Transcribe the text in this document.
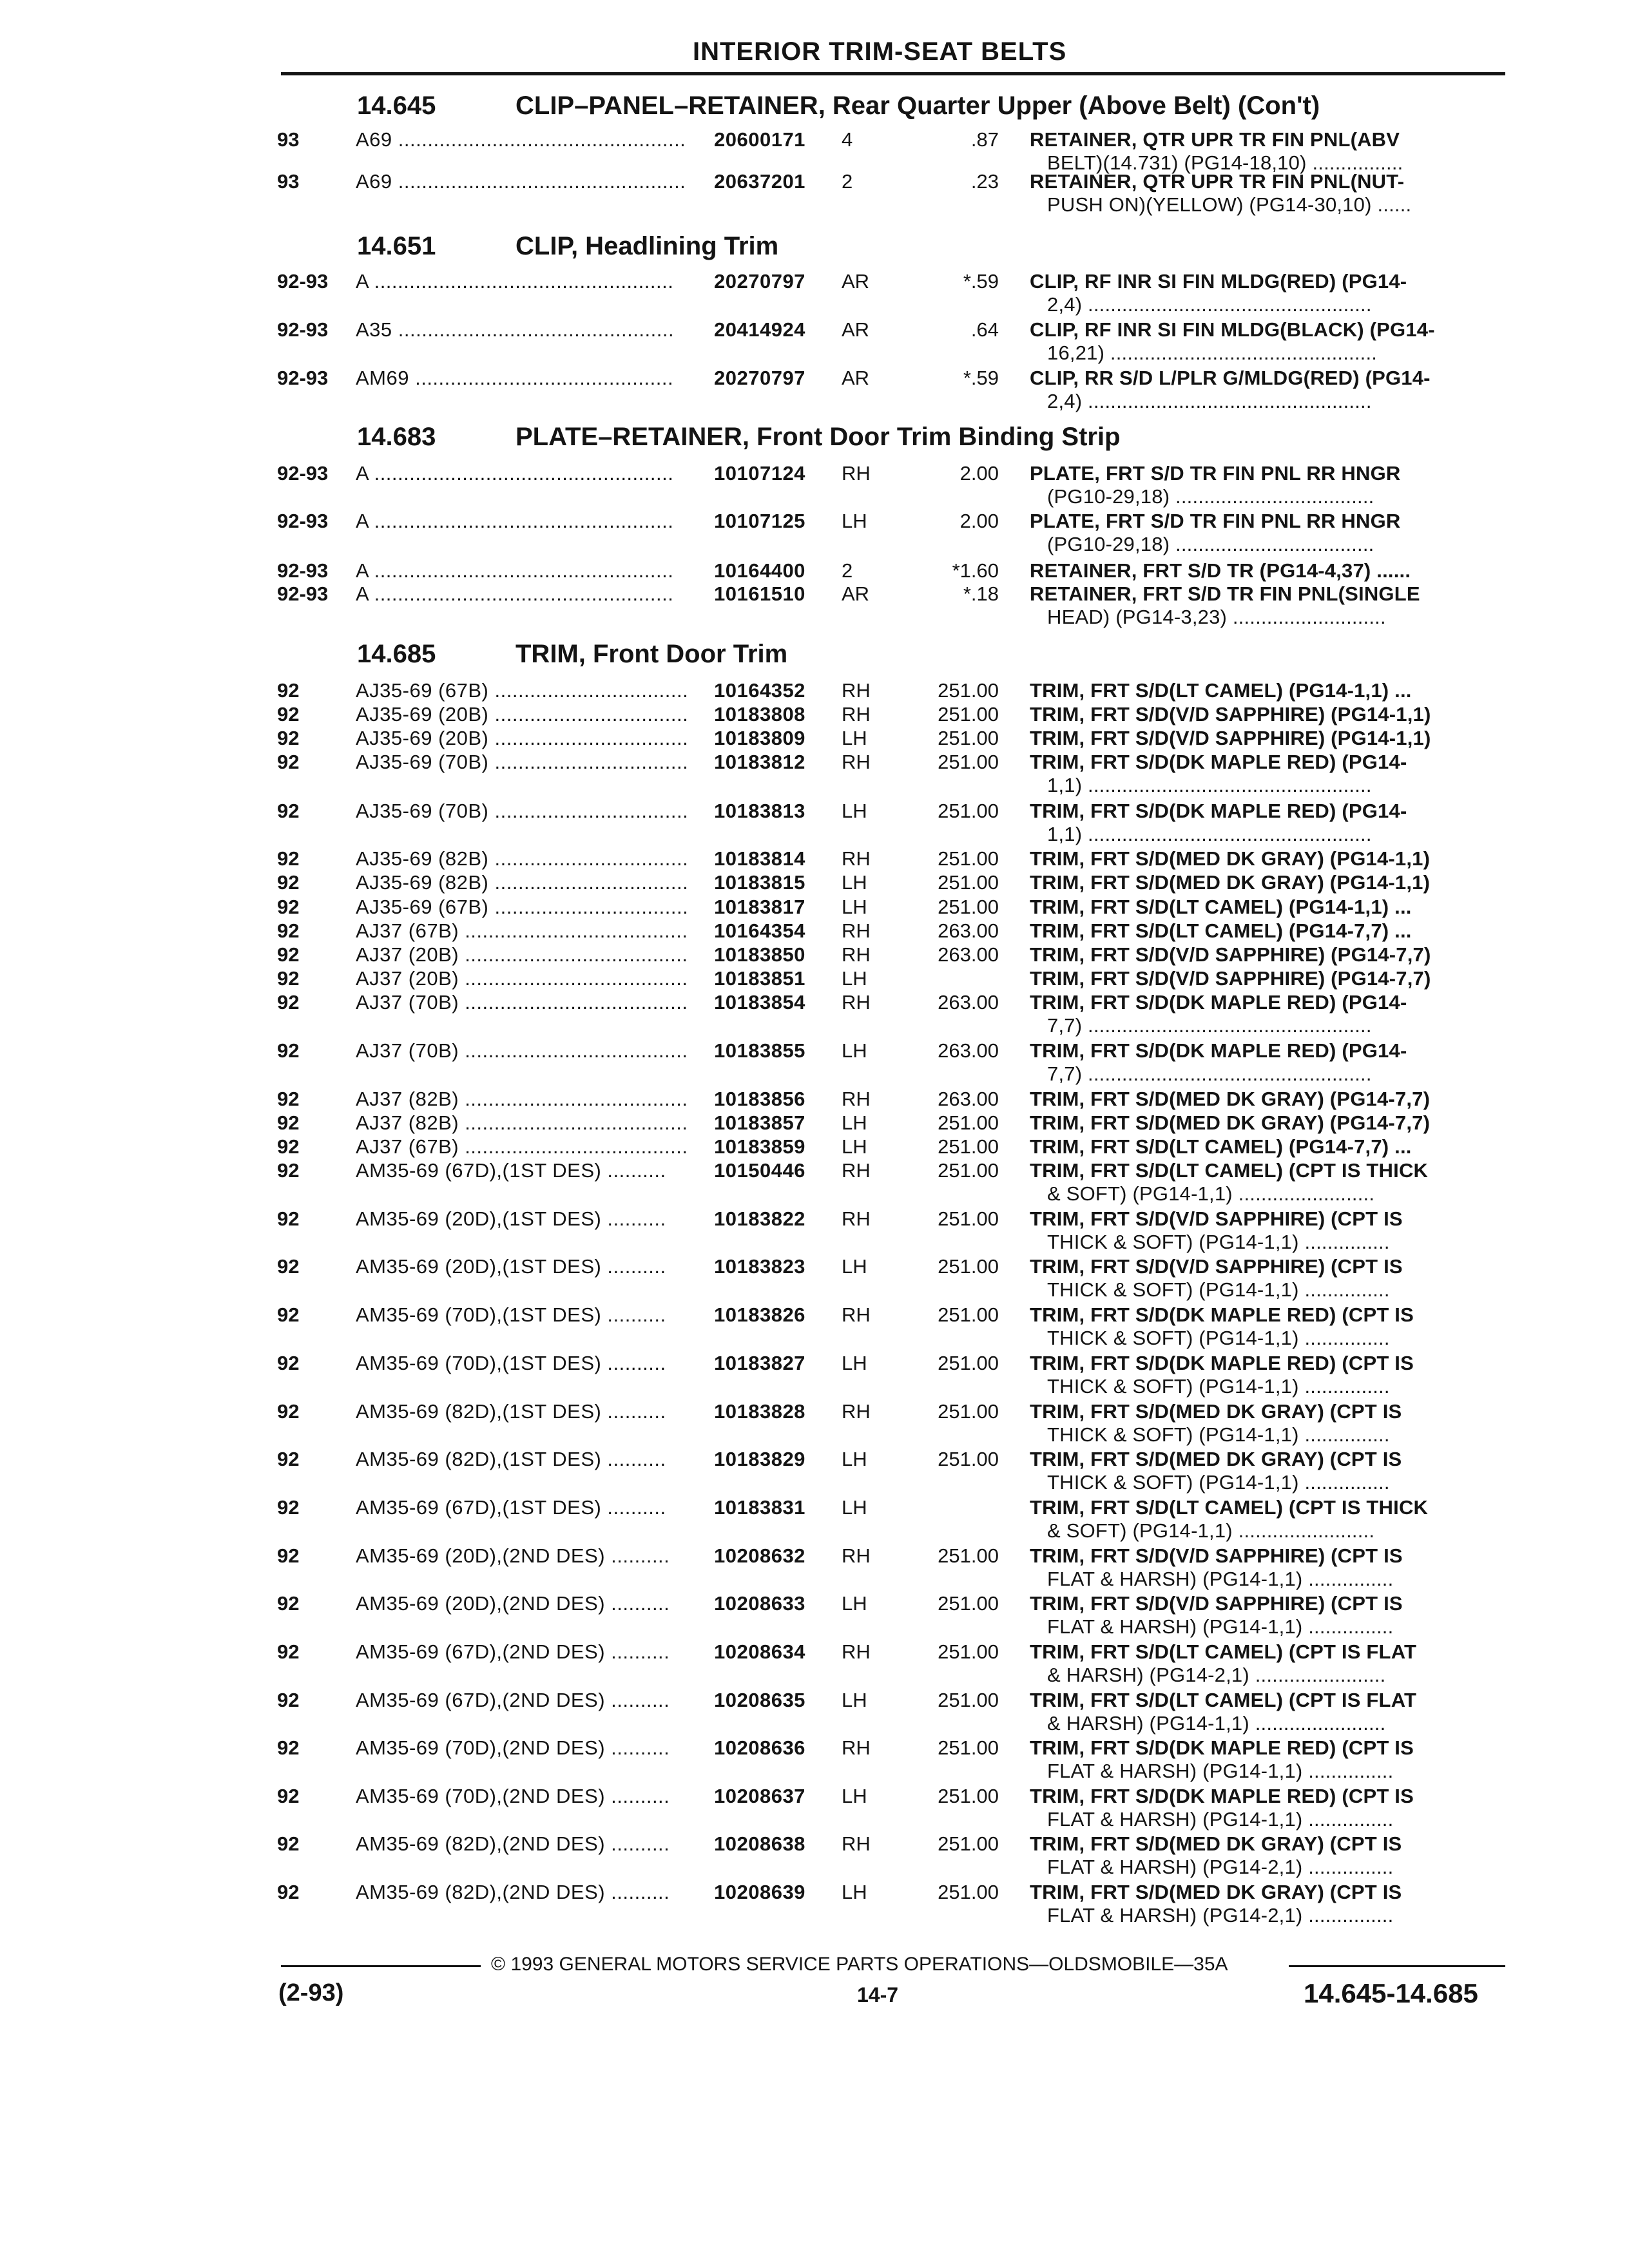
INTERIOR TRIM-SEAT BELTS
14.645	CLIP–PANEL–RETAINER, Rear Quarter Upper (Above Belt) (Con't)
93	A69 .................................................	20600171 4	.87 RETAINER, QTR UPR TR FIN PNL(ABV
BELT)(14.731) (PG14-18,10) ................
93	A69 .................................................	20637201 2	.23 RETAINER, QTR UPR TR FIN PNL(NUT-
PUSH ON)(YELLOW) (PG14-30,10) ......
14.651	CLIP, Headlining Trim
92-93 A ...................................................	20270797 AR	*.59 CLIP, RF INR SI FIN MLDG(RED) (PG14-
2,4) ..................................................
92-93 A35 ...............................................	20414924 AR	.64 CLIP, RF INR SI FIN MLDG(BLACK) (PG14-
16,21) ...............................................
92-93 AM69 ............................................	20270797 AR	*.59 CLIP, RR S/D L/PLR G/MLDG(RED) (PG14-
2,4) ..................................................
14.683	PLATE–RETAINER, Front Door Trim Binding Strip
92-93 A ...................................................	10107124 RH	2.00 PLATE, FRT S/D TR FIN PNL RR HNGR
(PG10-29,18) ...................................
92-93 A ...................................................	10107125 LH	2.00 PLATE, FRT S/D TR FIN PNL RR HNGR
(PG10-29,18) ...................................
92-93 A ...................................................	10164400 2	*1.60 RETAINER, FRT S/D TR (PG14-4,37) ......
92-93 A ...................................................	10161510 AR	*.18 RETAINER, FRT S/D TR FIN PNL(SINGLE
HEAD) (PG14-3,23) ...........................
14.685	TRIM, Front Door Trim
92	AJ35-69 (67B) .................................	10164352 RH	251.00 TRIM, FRT S/D(LT CAMEL) (PG14-1,1) ...
92	AJ35-69 (20B) .................................	10183808 RH	251.00 TRIM, FRT S/D(V/D SAPPHIRE) (PG14-1,1)
92	AJ35-69 (20B) .................................	10183809 LH	251.00 TRIM, FRT S/D(V/D SAPPHIRE) (PG14-1,1)
92	AJ35-69 (70B) .................................	10183812 RH	251.00 TRIM, FRT S/D(DK MAPLE RED) (PG14-
1,1) ..................................................
92	AJ35-69 (70B) .................................	10183813 LH	251.00 TRIM, FRT S/D(DK MAPLE RED) (PG14-
1,1) ..................................................
92	AJ35-69 (82B) .................................	10183814 RH	251.00 TRIM, FRT S/D(MED DK GRAY) (PG14-1,1)
92	AJ35-69 (82B) .................................	10183815 LH	251.00 TRIM, FRT S/D(MED DK GRAY) (PG14-1,1)
92	AJ35-69 (67B) .................................	10183817 LH	251.00 TRIM, FRT S/D(LT CAMEL) (PG14-1,1) ...
92	AJ37 (67B) ......................................	10164354 RH	263.00 TRIM, FRT S/D(LT CAMEL) (PG14-7,7) ...
92	AJ37 (20B) ......................................	10183850 RH	263.00 TRIM, FRT S/D(V/D SAPPHIRE) (PG14-7,7)
92	AJ37 (20B) ......................................	10183851 LH	TRIM, FRT S/D(V/D SAPPHIRE) (PG14-7,7)
92	AJ37 (70B) ......................................	10183854 RH	263.00 TRIM, FRT S/D(DK MAPLE RED) (PG14-
7,7) ..................................................
92	AJ37 (70B) ......................................	10183855 LH	263.00 TRIM, FRT S/D(DK MAPLE RED) (PG14-
7,7) ..................................................
92	AJ37 (82B) ......................................	10183856 RH	263.00 TRIM, FRT S/D(MED DK GRAY) (PG14-7,7)
92	AJ37 (82B) ......................................	10183857 LH	251.00 TRIM, FRT S/D(MED DK GRAY) (PG14-7,7)
92	AJ37 (67B) ......................................	10183859 LH	251.00 TRIM, FRT S/D(LT CAMEL) (PG14-7,7) ...
92	AM35-69 (67D),(1ST DES) ..........	10150446 RH	251.00 TRIM, FRT S/D(LT CAMEL) (CPT IS THICK
& SOFT) (PG14-1,1) ........................
92	AM35-69 (20D),(1ST DES) ..........	10183822 RH	251.00 TRIM, FRT S/D(V/D SAPPHIRE) (CPT IS
THICK & SOFT) (PG14-1,1) ...............
92	AM35-69 (20D),(1ST DES) ..........	10183823 LH	251.00 TRIM, FRT S/D(V/D SAPPHIRE) (CPT IS
THICK & SOFT) (PG14-1,1) ...............
92	AM35-69 (70D),(1ST DES) ..........	10183826 RH	251.00 TRIM, FRT S/D(DK MAPLE RED) (CPT IS
THICK & SOFT) (PG14-1,1) ...............
92	AM35-69 (70D),(1ST DES) ..........	10183827 LH	251.00 TRIM, FRT S/D(DK MAPLE RED) (CPT IS
THICK & SOFT) (PG14-1,1) ...............
92	AM35-69 (82D),(1ST DES) ..........	10183828 RH	251.00 TRIM, FRT S/D(MED DK GRAY) (CPT IS
THICK & SOFT) (PG14-1,1) ...............
92	AM35-69 (82D),(1ST DES) ..........	10183829 LH	251.00 TRIM, FRT S/D(MED DK GRAY) (CPT IS
THICK & SOFT) (PG14-1,1) ...............
92	AM35-69 (67D),(1ST DES) ..........	10183831 LH	TRIM, FRT S/D(LT CAMEL) (CPT IS THICK
& SOFT) (PG14-1,1) ........................
92	AM35-69 (20D),(2ND DES) ..........	10208632 RH	251.00 TRIM, FRT S/D(V/D SAPPHIRE) (CPT IS
FLAT & HARSH) (PG14-1,1) ...............
92	AM35-69 (20D),(2ND DES) ..........	10208633 LH	251.00 TRIM, FRT S/D(V/D SAPPHIRE) (CPT IS
FLAT & HARSH) (PG14-1,1) ...............
92	AM35-69 (67D),(2ND DES) ..........	10208634 RH	251.00 TRIM, FRT S/D(LT CAMEL) (CPT IS FLAT
& HARSH) (PG14-2,1) .......................
92	AM35-69 (67D),(2ND DES) ..........	10208635 LH	251.00 TRIM, FRT S/D(LT CAMEL) (CPT IS FLAT
& HARSH) (PG14-1,1) .......................
92	AM35-69 (70D),(2ND DES) ..........	10208636 RH	251.00 TRIM, FRT S/D(DK MAPLE RED) (CPT IS
FLAT & HARSH) (PG14-1,1) ...............
92	AM35-69 (70D),(2ND DES) ..........	10208637 LH	251.00 TRIM, FRT S/D(DK MAPLE RED) (CPT IS
FLAT & HARSH) (PG14-1,1) ...............
92	AM35-69 (82D),(2ND DES) ..........	10208638 RH	251.00 TRIM, FRT S/D(MED DK GRAY) (CPT IS
FLAT & HARSH) (PG14-2,1) ...............
92	AM35-69 (82D),(2ND DES) ..........	10208639 LH	251.00 TRIM, FRT S/D(MED DK GRAY) (CPT IS
FLAT & HARSH) (PG14-2,1) ...............
© 1993 GENERAL MOTORS SERVICE PARTS OPERATIONS—OLDSMOBILE—35A
(2-93)	14-7	14.645-14.685
